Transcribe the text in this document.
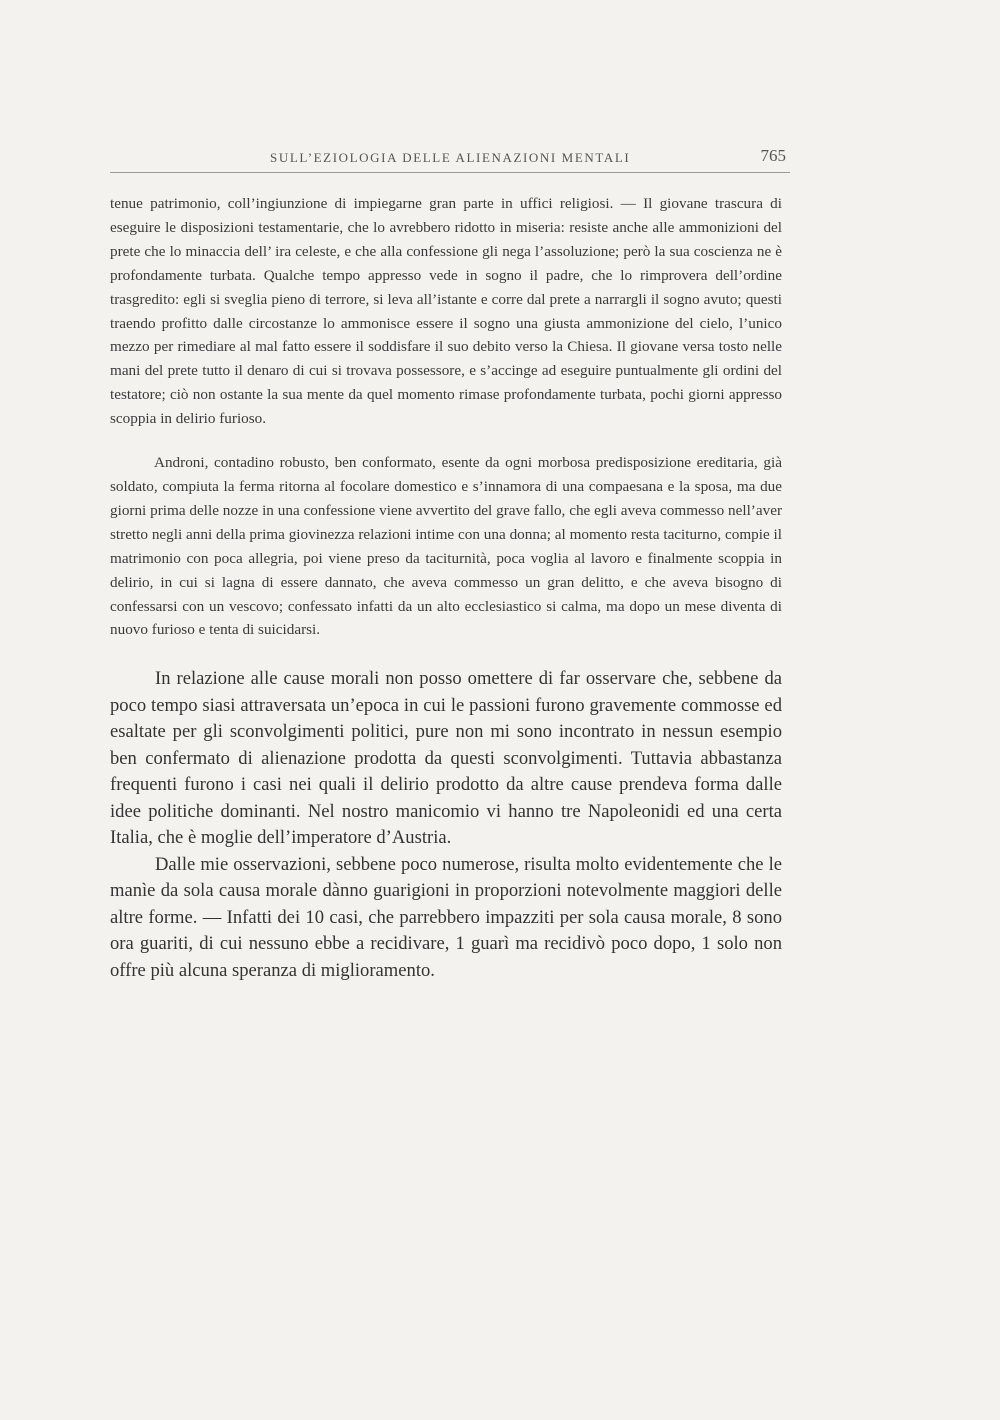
SULL’EZIOLOGIA DELLE ALIENAZIONI MENTALI	765

tenue patrimonio, coll’ingiunzione di impiegarne gran parte in uffici religiosi. — Il giovane trascura di eseguire le disposizioni testamentarie, che lo avrebbero ridotto in miseria: resiste anche alle ammonizioni del prete che lo minaccia dell’ ira celeste, e che alla confessione gli nega l’assoluzione; però la sua coscienza ne è profondamente turbata. Qualche tempo appresso vede in sogno il padre, che lo rimprovera dell’ordine trasgredito: egli si sveglia pieno di terrore, si leva all’istante e corre dal prete a narrargli il sogno avuto; questi traendo profitto dalle circostanze lo ammonisce essere il sogno una giusta ammonizione del cielo, l’unico mezzo per rimediare al mal fatto essere il soddisfare il suo debito verso la Chiesa. Il giovane versa tosto nelle mani del prete tutto il denaro di cui si trovava possessore, e s’accinge ad eseguire puntualmente gli ordini del testatore; ciò non ostante la sua mente da quel momento rimase profondamente turbata, pochi giorni appresso scoppia in delirio furioso.

Androni, contadino robusto, ben conformato, esente da ogni morbosa predisposizione ereditaria, già soldato, compiuta la ferma ritorna al focolare domestico e s’innamora di una compaesana e la sposa, ma due giorni prima delle nozze in una confessione viene avvertito del grave fallo, che egli aveva commesso nell’aver stretto negli anni della prima giovinezza relazioni intime con una donna; al momento resta taciturno, compie il matrimonio con poca allegria, poi viene preso da taciturnità, poca voglia al lavoro e finalmente scoppia in delirio, in cui si lagna di essere dannato, che aveva commesso un gran delitto, e che aveva bisogno di confessarsi con un vescovo; confessato infatti da un alto ecclesiastico si calma, ma dopo un mese diventa di nuovo furioso e tenta di suicidarsi.

In relazione alle cause morali non posso omettere di far osservare che, sebbene da poco tempo siasi attraversata un’epoca in cui le passioni furono gravemente commosse ed esaltate per gli sconvolgimenti politici, pure non mi sono incontrato in nessun esempio ben confermato di alienazione prodotta da questi sconvolgimenti. Tuttavia abbastanza frequenti furono i casi nei quali il delirio prodotto da altre cause prendeva forma dalle idee politiche dominanti. Nel nostro manicomio vi hanno tre Napoleonidi ed una certa Italia, che è moglie dell’imperatore d’Austria.

Dalle mie osservazioni, sebbene poco numerose, risulta molto evidentemente che le manìe da sola causa morale dànno guarigioni in proporzioni notevolmente maggiori delle altre forme. — Infatti dei 10 casi, che parrebbero impazziti per sola causa morale, 8 sono ora guariti, di cui nessuno ebbe a recidivare, 1 guarì ma recidivò poco dopo, 1 solo non offre più alcuna speranza di miglioramento.
